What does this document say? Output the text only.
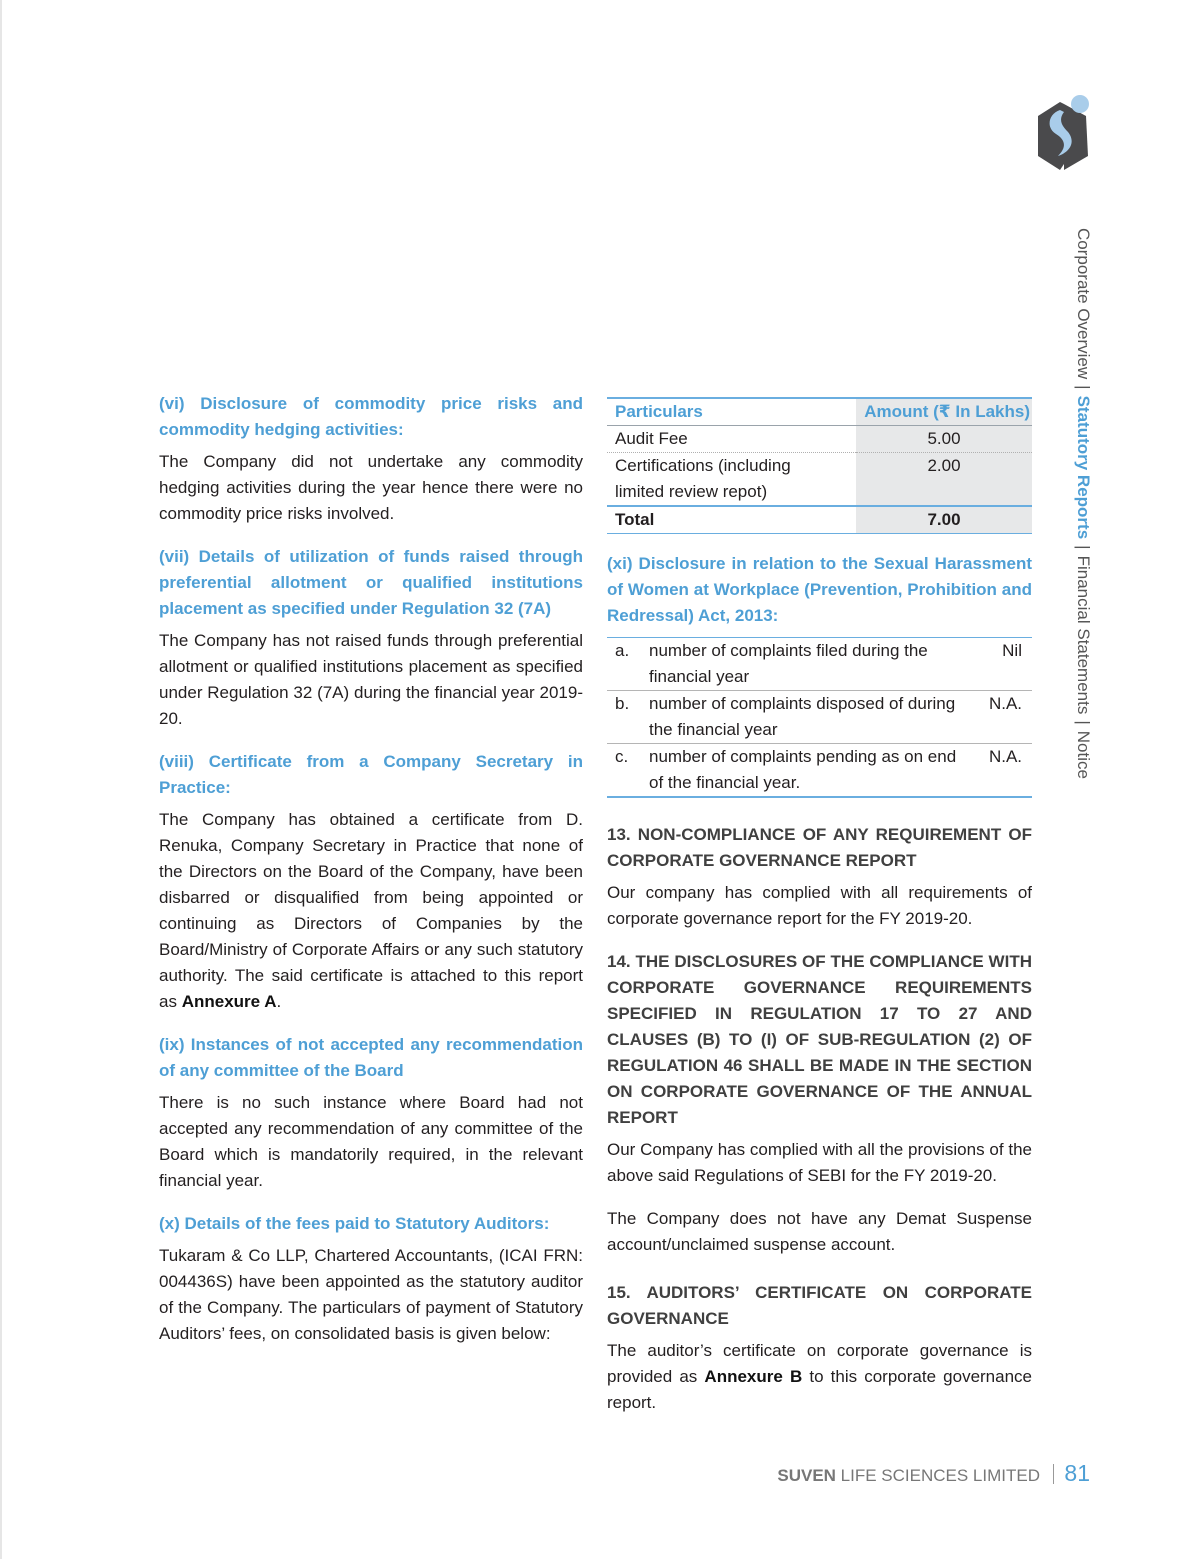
Corporate Overview|Statutory Reports|Financial Statements|Notice
(vi) Disclosure of commodity price risks and commodity hedging activities:
The Company did not undertake any commodity hedging activities during the year hence there were no commodity price risks involved.
(vii) Details of utilization of funds raised through preferential allotment or qualified institutions placement as specified under Regulation 32 (7A)
The Company has not raised funds through preferential allotment or qualified institutions placement as specified under Regulation 32 (7A) during the financial year 2019-20.
(viii) Certificate from a Company Secretary in Practice:
The Company has obtained a certificate from D. Renuka, Company Secretary in Practice that none of the Directors on the Board of the Company, have been disbarred or disqualified from being appointed or continuing as Directors of Companies by the Board/Ministry of Corporate Affairs or any such statutory authority. The said certificate is attached to this report as Annexure A.
(ix) Instances of not accepted any recommendation of any committee of the Board
There is no such instance where Board had not accepted any recommendation of any committee of the Board which is mandatorily required, in the relevant financial year.
(x) Details of the fees paid to Statutory Auditors:
Tukaram & Co LLP, Chartered Accountants, (ICAI FRN: 004436S) have been appointed as the statutory auditor of the Company. The particulars of payment of Statutory Auditors’ fees, on consolidated basis is given below:
Particulars	Amount (₹ In Lakhs)
Audit Fee	5.00
Certifications (including limited review repot)	2.00
Total	7.00
(xi) Disclosure in relation to the Sexual Harassment of Women at Workplace (Prevention, Prohibition and Redressal) Act, 2013:
a.	number of complaints filed during the financial year	Nil
b.	number of complaints disposed of during the financial year	N.A.
c.	number of complaints pending as on end of the financial year.	N.A.
13. NON-COMPLIANCE OF ANY REQUIREMENT OF CORPORATE GOVERNANCE REPORT
Our company has complied with all requirements of corporate governance report for the FY 2019-20.
14. THE DISCLOSURES OF THE COMPLIANCE WITH CORPORATE GOVERNANCE REQUIREMENTS SPECIFIED IN REGULATION 17 TO 27 AND CLAUSES (B) TO (I) OF SUB-REGULATION (2) OF REGULATION 46 SHALL BE MADE IN THE SECTION ON CORPORATE GOVERNANCE OF THE ANNUAL REPORT
Our Company has complied with all the provisions of the above said Regulations of SEBI for the FY 2019-20.
The Company does not have any Demat Suspense account/unclaimed suspense account.
15. AUDITORS’ CERTIFICATE ON CORPORATE GOVERNANCE
The auditor’s certificate on corporate governance is provided as Annexure B to this corporate governance report.
SUVEN LIFE SCIENCES LIMITED 81
